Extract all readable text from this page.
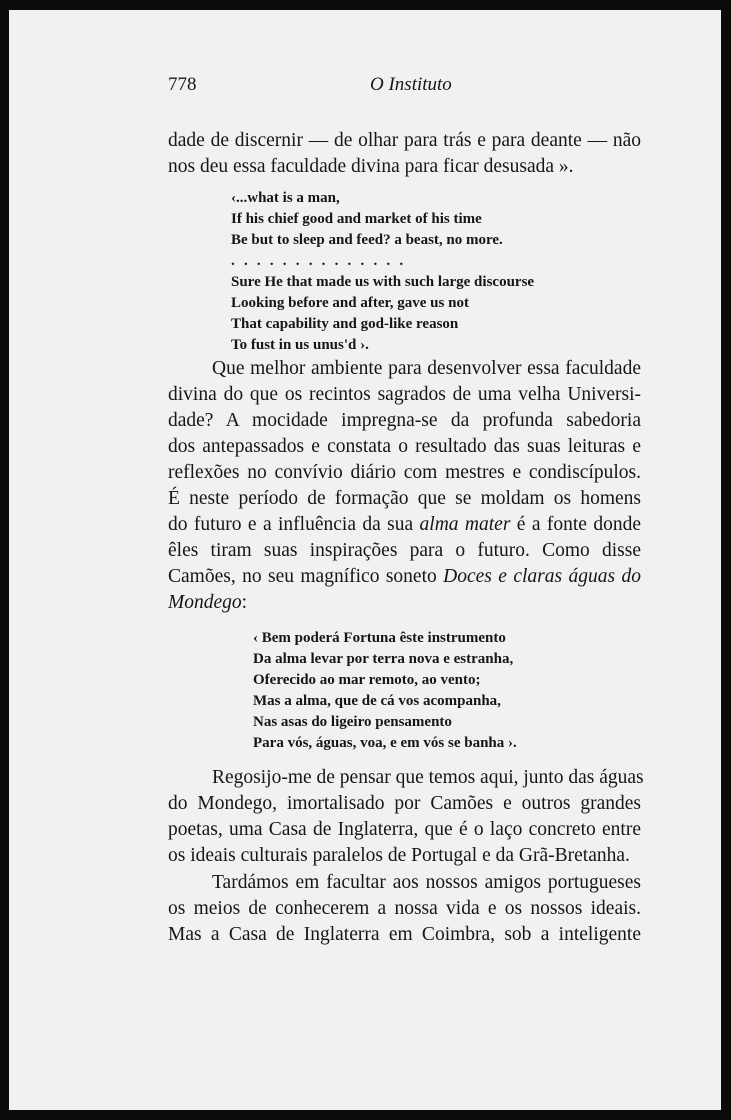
778	O Instituto
dade de discernir — de olhar para trás e para deante — não
nos deu essa faculdade divina para ficar desusada ».
‹...what is a man,
If his chief good and market of his time
Be but to sleep and feed? a beast, no more.
..............
Sure He that made us with such large discourse
Looking before and after, gave us not
That capability and god-like reason
To fust in us unus'd ›.
Que melhor ambiente para desenvolver essa faculdade
divina do que os recintos sagrados de uma velha Universi-
dade? A mocidade impregna-se da profunda sabedoria
dos antepassados e constata o resultado das suas leituras e
reflexões no convívio diário com mestres e condiscípulos.
É neste período de formação que se moldam os homens
do futuro e a influência da sua alma mater é a fonte donde
êles tiram suas inspirações para o futuro. Como disse
Camões, no seu magnífico soneto Doces e claras águas do
Mondego:
‹ Bem poderá Fortuna êste instrumento
Da alma levar por terra nova e estranha,
Oferecido ao mar remoto, ao vento;
Mas a alma, que de cá vos acompanha,
Nas asas do ligeiro pensamento
Para vós, águas, voa, e em vós se banha ›.
Regosijo-me de pensar que temos aqui, junto das águas
do Mondego, imortalisado por Camões e outros grandes
poetas, uma Casa de Inglaterra, que é o laço concreto entre
os ideais culturais paralelos de Portugal e da Grã-Bretanha.
Tardámos em facultar aos nossos amigos portugueses
os meios de conhecerem a nossa vida e os nossos ideais.
Mas a Casa de Inglaterra em Coimbra, sob a inteligente
